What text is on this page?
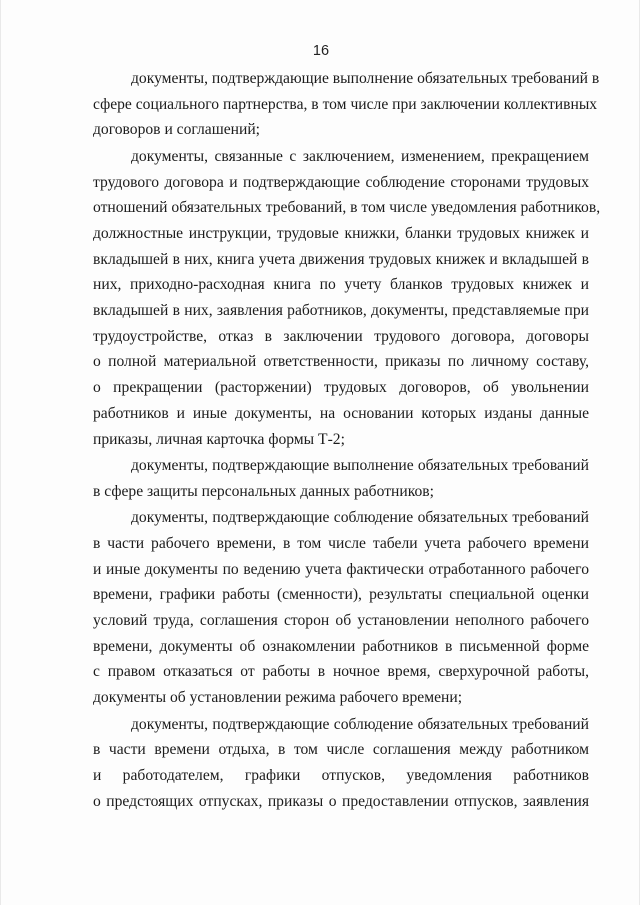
16
документы, подтверждающие выполнение обязательных требований в
сфере социального партнерства, в том числе при заключении коллективных
договоров и соглашений;
документы, связанные с заключением, изменением, прекращением
трудового договора и подтверждающие соблюдение сторонами трудовых
отношений обязательных требований, в том числе уведомления работников,
должностные инструкции, трудовые книжки, бланки трудовых книжек и
вкладышей в них, книга учета движения трудовых книжек и вкладышей в
них, приходно-расходная книга по учету бланков трудовых книжек и
вкладышей в них, заявления работников, документы, представляемые при
трудоустройстве, отказ в заключении трудового договора, договоры
о полной материальной ответственности, приказы по личному составу,
о прекращении (расторжении) трудовых договоров, об увольнении
работников и иные документы, на основании которых изданы данные
приказы, личная карточка формы Т-2;
документы, подтверждающие выполнение обязательных требований
в сфере защиты персональных данных работников;
документы, подтверждающие соблюдение обязательных требований
в части рабочего времени, в том числе табели учета рабочего времени
и иные документы по ведению учета фактически отработанного рабочего
времени, графики работы (сменности), результаты специальной оценки
условий труда, соглашения сторон об установлении неполного рабочего
времени, документы об ознакомлении работников в письменной форме
с правом отказаться от работы в ночное время, сверхурочной работы,
документы об установлении режима рабочего времени;
документы, подтверждающие соблюдение обязательных требований
в части времени отдыха, в том числе соглашения между работником
и работодателем, графики отпусков, уведомления работников
о предстоящих отпусках, приказы о предоставлении отпусков, заявления
